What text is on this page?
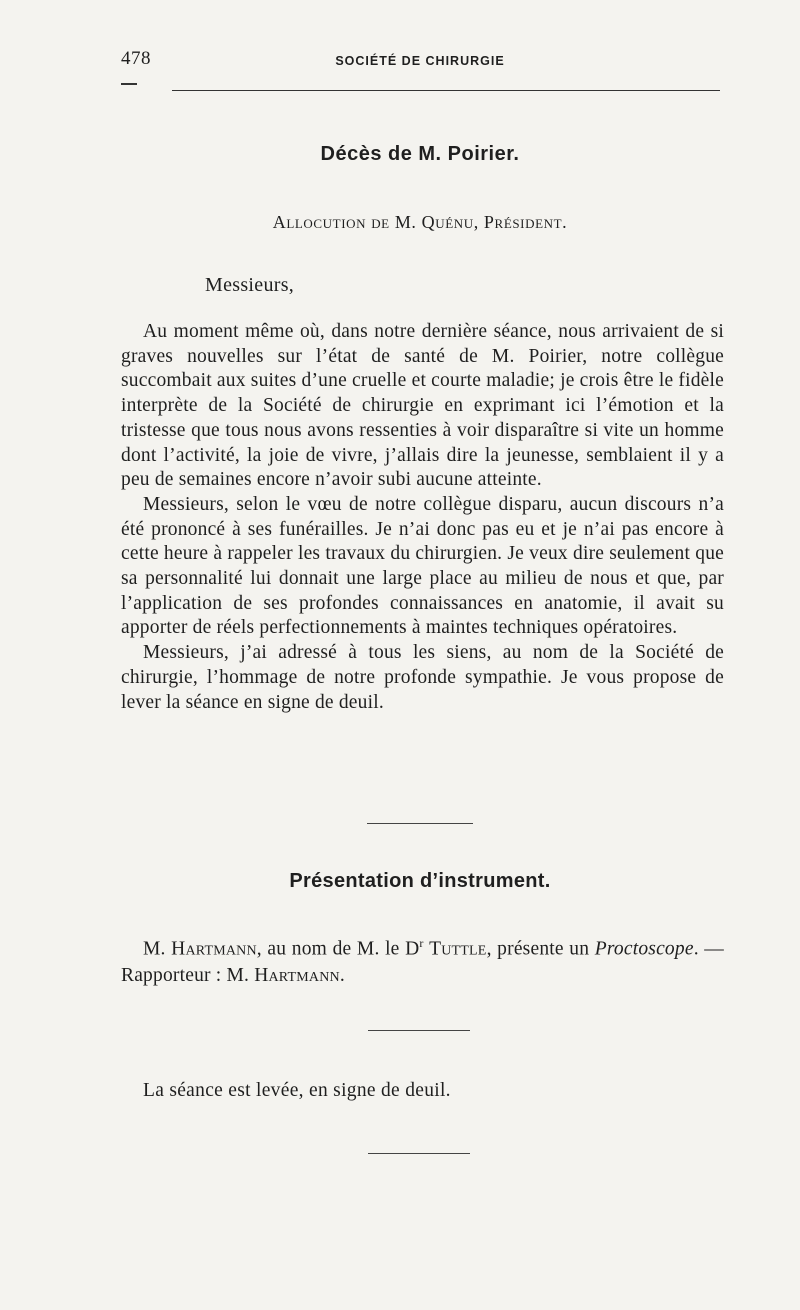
478	SOCIÉTÉ DE CHIRURGIE
Décès de M. Poirier.
Allocution de M. Quénu, Président.
Messieurs,

Au moment même où, dans notre dernière séance, nous arrivaient de si graves nouvelles sur l’état de santé de M. Poirier, notre collègue succombait aux suites d’une cruelle et courte maladie; je crois être le fidèle interprète de la Société de chirurgie en exprimant ici l’émotion et la tristesse que tous nous avons ressenties à voir disparaître si vite un homme dont l’activité, la joie de vivre, j’allais dire la jeunesse, semblaient il y a peu de semaines encore n’avoir subi aucune atteinte.

Messieurs, selon le vœu de notre collègue disparu, aucun discours n’a été prononcé à ses funérailles. Je n’ai donc pas eu et je n’ai pas encore à cette heure à rappeler les travaux du chirurgien. Je veux dire seulement que sa personnalité lui donnait une large place au milieu de nous et que, par l’application de ses profondes connaissances en anatomie, il avait su apporter de réels perfectionnements à maintes techniques opératoires.

Messieurs, j’ai adressé à tous les siens, au nom de la Société de chirurgie, l’hommage de notre profonde sympathie. Je vous propose de lever la séance en signe de deuil.

Présentation d’instrument.

M. Hartmann, au nom de M. le $D^r$ Tuttle, présente un Proctoscope. — Rapporteur : M. Hartmann.

La séance est levée, en signe de deuil.
